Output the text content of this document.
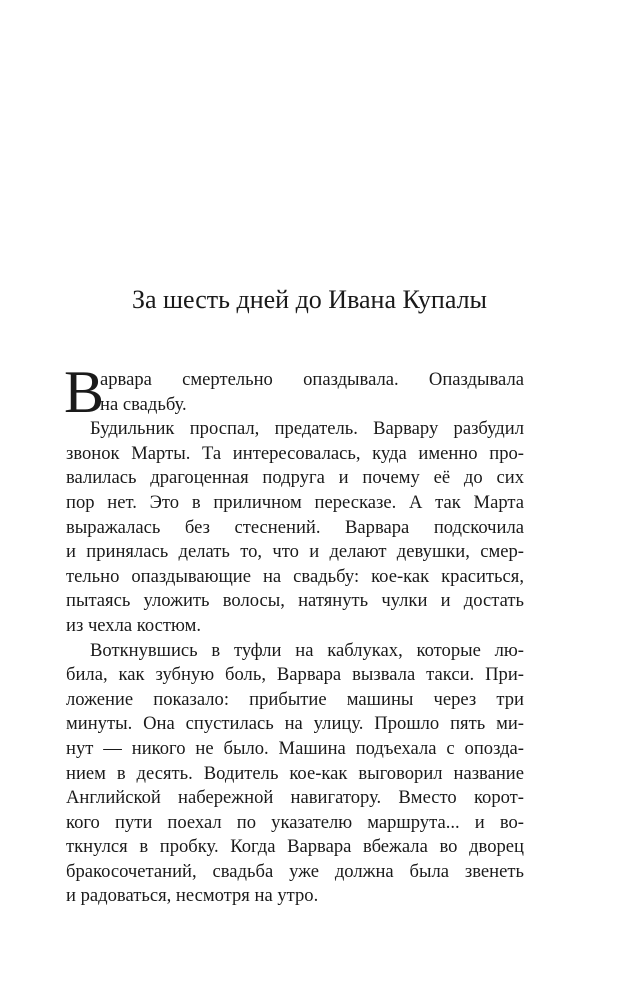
За шесть дней до Ивана Купалы
В
арвара смертельно опаздывала. Опаздывала
на свадьбу.
Будильник проспал, предатель. Варвару разбудил
звонок Марты. Та интересовалась, куда именно про-
валилась драгоценная подруга и почему её до сих
пор нет. Это в приличном пересказе. А так Марта
выражалась без стеснений. Варвара подскочила
и принялась делать то, что и делают девушки, смер-
тельно опаздывающие на свадьбу: кое-как краситься,
пытаясь уложить волосы, натянуть чулки и достать
из чехла костюм.
Воткнувшись в туфли на каблуках, которые лю-
била, как зубную боль, Варвара вызвала такси. При-
ложение показало: прибытие машины через три
минуты. Она спустилась на улицу. Прошло пять ми-
нут — никого не было. Машина подъехала с опозда-
нием в десять. Водитель кое-как выговорил название
Английской набережной навигатору. Вместо корот-
кого пути поехал по указателю маршрута... и во-
ткнулся в пробку. Когда Варвара вбежала во дворец
бракосочетаний, свадьба уже должна была звенеть
и радоваться, несмотря на утро.
